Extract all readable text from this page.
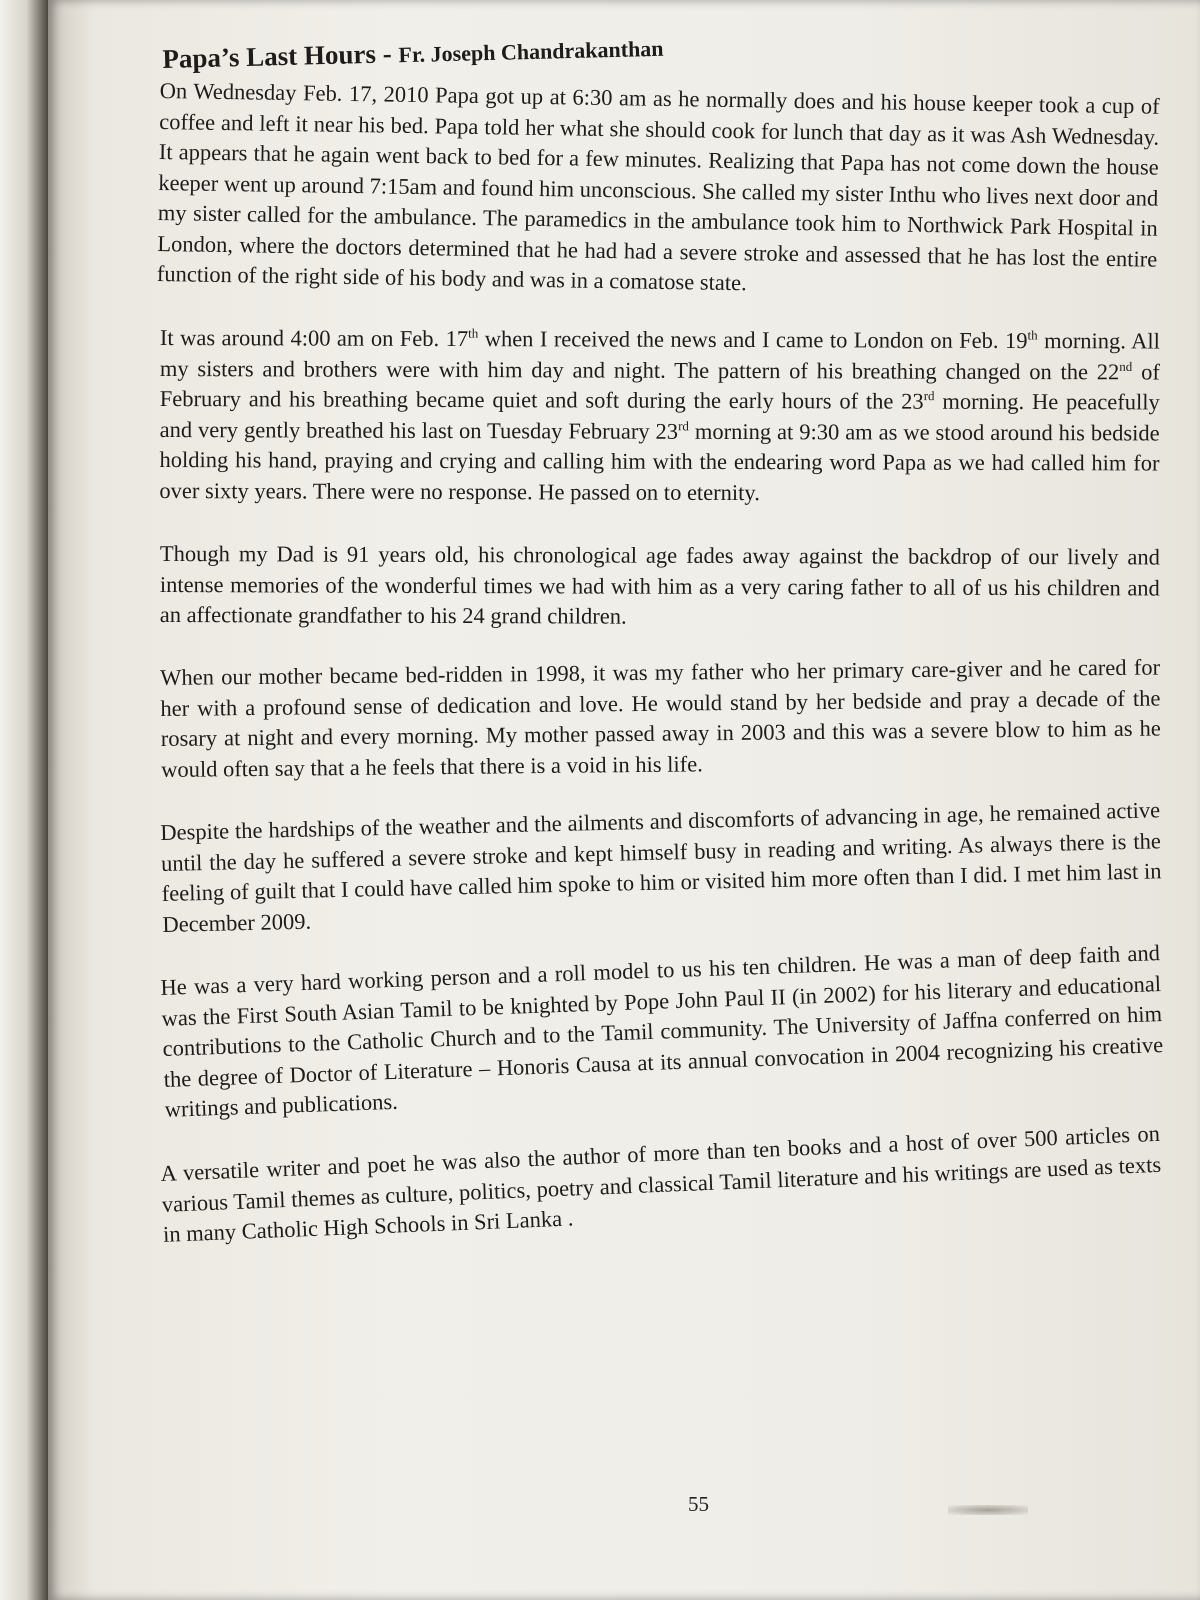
Papa’s Last Hours - Fr. Joseph Chandrakanthan

On Wednesday Feb. 17, 2010 Papa got up at 6:30 am as he normally does and his house keeper took a cup of coffee and left it near his bed. Papa told her what she should cook for lunch that day as it was Ash Wednesday. It appears that he again went back to bed for a few minutes. Realizing that Papa has not come down the house keeper went up around 7:15am and found him unconscious. She called my sister Inthu who lives next door and my sister called for the ambulance. The paramedics in the ambulance took him to Northwick Park Hospital in London, where the doctors determined that he had had a severe stroke and assessed that he has lost the entire function of the right side of his body and was in a comatose state.

It was around 4:00 am on Feb. 17th when I received the news and I came to London on Feb. 19th morning. All my sisters and brothers were with him day and night. The pattern of his breathing changed on the 22nd of February and his breathing became quiet and soft during the early hours of the 23rd morning. He peacefully and very gently breathed his last on Tuesday February 23rd morning at 9:30 am as we stood around his bedside holding his hand, praying and crying and calling him with the endearing word Papa as we had called him for over sixty years. There were no response. He passed on to eternity.

Though my Dad is 91 years old, his chronological age fades away against the backdrop of our lively and intense memories of the wonderful times we had with him as a very caring father to all of us his children and an affectionate grandfather to his 24 grand children.

When our mother became bed-ridden in 1998, it was my father who her primary care-giver and he cared for her with a profound sense of dedication and love. He would stand by her bedside and pray a decade of the rosary at night and every morning. My mother passed away in 2003 and this was a severe blow to him as he would often say that a he feels that there is a void in his life.

Despite the hardships of the weather and the ailments and discomforts of advancing in age, he remained active until the day he suffered a severe stroke and kept himself busy in reading and writing. As always there is the feeling of guilt that I could have called him spoke to him or visited him more often than I did. I met him last in December 2009.

He was a very hard working person and a roll model to us his ten children. He was a man of deep faith and was the First South Asian Tamil to be knighted by Pope John Paul II (in 2002) for his literary and educational contributions to the Catholic Church and to the Tamil community. The University of Jaffna conferred on him the degree of Doctor of Literature – Honoris Causa at its annual convocation in 2004 recognizing his creative writings and publications.

A versatile writer and poet he was also the author of more than ten books and a host of over 500 articles on various Tamil themes as culture, politics, poetry and classical Tamil literature and his writings are used as texts in many Catholic High Schools in Sri Lanka .

55
